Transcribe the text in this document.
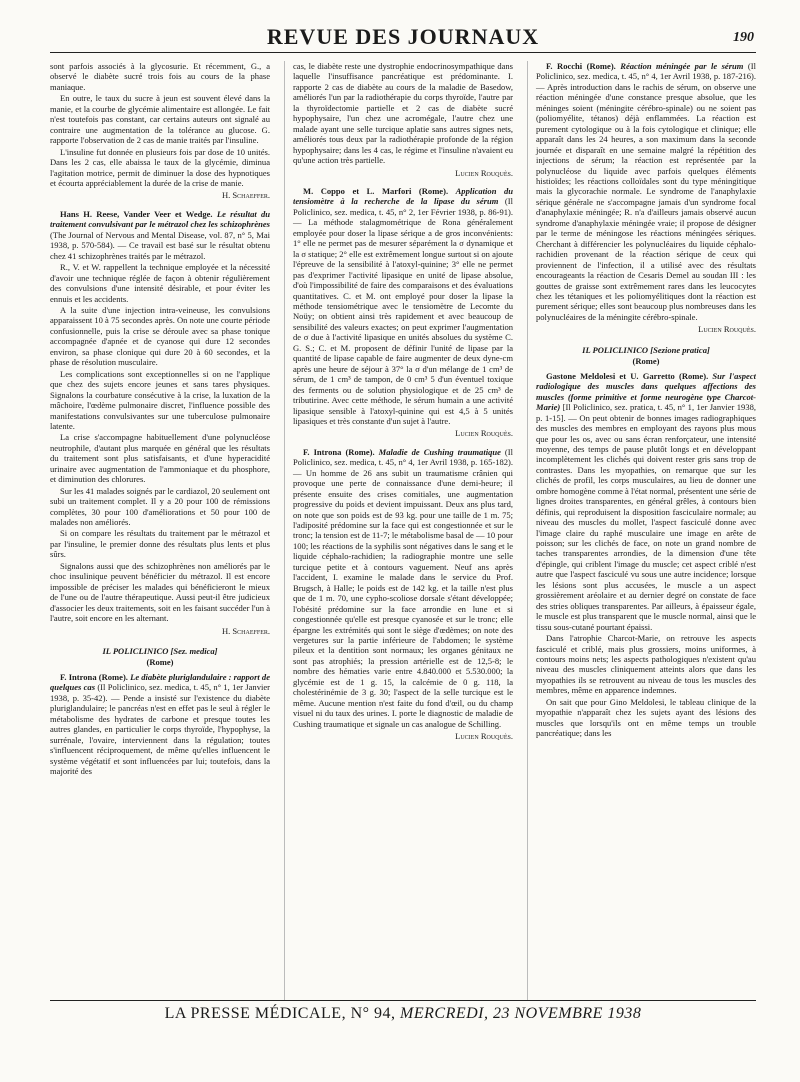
REVUE DES JOURNAUX	190

sont parfois associés à la glycosurie. Et récemment, G., a observé le diabète sucré trois fois au cours de la phase maniaque.

En outre, le taux du sucre à jeun est souvent élevé dans la manie, et la courbe de glycémie alimentaire est allongée. Le fait n'est toutefois pas constant, car certains auteurs ont signalé au contraire une augmentation de la tolérance au glucose. G. rapporte l'observation de 2 cas de manie traités par l'insuline.

L'insuline fut donnée en plusieurs fois par dose de 10 unités. Dans les 2 cas, elle abaissa le taux de la glycémie, diminua l'agitation motrice, permit de diminuer la dose des hypnotiques et écourta appréciablement la durée de la crise de manie.

H. Schaeffer.

Hans H. Reese, Vander Veer et Wedge. Le résultat du traitement convulsivant par le métrazol chez les schizophrènes (The Journal of Nervous and Mental Disease, vol. 87, n° 5, Mai 1938, p. 570-584). — Ce travail est basé sur le résultat obtenu chez 41 schizophrènes traités par le métrazol.

R., V. et W. rappellent la technique employée et la nécessité d'avoir une technique réglée de façon à obtenir régulièrement des convulsions d'une intensité désirable, et pour éviter les ennuis et les accidents.

A la suite d'une injection intra-veineuse, les convulsions apparaissent 10 à 75 secondes après. On note une courte période confusionnelle, puis la crise se déroule avec sa phase tonique accompagnée d'apnée et de cyanose qui dure 12 secondes environ, sa phase clonique qui dure 20 à 60 secondes, et la phase de résolution musculaire.

Les complications sont exceptionnelles si on ne l'applique que chez des sujets encore jeunes et sans tares physiques. Signalons la courbature consécutive à la crise, la luxation de la mâchoire, l'œdème pulmonaire discret, l'influence possible des manifestations convulsivantes sur une tuberculose pulmonaire latente.

La crise s'accompagne habituellement d'une polynucléose neutrophile, d'autant plus marquée en général que les résultats du traitement sont plus satisfaisants, et d'une hyperacidité urinaire avec augmentation de l'ammoniaque et du phosphore, et diminution des chlorures.

Sur les 41 malades soignés par le cardiazol, 20 seulement ont subi un traitement complet. Il y a 20 pour 100 de rémissions complètes, 30 pour 100 d'améliorations et 50 pour 100 de malades non améliorés.

Si on compare les résultats du traitement par le métrazol et par l'insuline, le premier donne des résultats plus lents et plus sûrs.

Signalons aussi que des schizophrènes non améliorés par le choc insulinique peuvent bénéficier du métrazol. Il est encore impossible de préciser les malades qui bénéficieront le mieux de l'une ou de l'autre thérapeutique. Aussi peut-il être judicieux d'associer les deux traitements, soit en les faisant succéder l'un à l'autre, soit encore en les alternant.

H. Schaeffer.
IL POLICLINICO [Sez. medica]
(Rome)

F. Introna (Rome). Le diabète pluriglandulaire : rapport de quelques cas (Il Policlinico, sez. medica, t. 45, n° 1, 1er Janvier 1938, p. 35-42). — Pende a insisté sur l'existence du diabète pluriglandulaire; le pancréas n'est en effet pas le seul à régler le métabolisme des hydrates de carbone et presque toutes les autres glandes, en particulier le corps thyroïde, l'hypophyse, la surrénale, l'ovaire, interviennent dans la régulation; toutes s'influencent réciproquement, de même qu'elles influencent le système végétatif et sont influencées par lui; toutefois, dans la majorité des

cas, le diabète reste une dystrophie endocrinosympathique dans laquelle l'insuffisance pancréatique est prédominante. I. rapporte 2 cas de diabète au cours de la maladie de Basedow, améliorés l'un par la radiothérapie du corps thyroïde, l'autre par la thyroïdectomie partielle et 2 cas de diabète sucré hypophysaire, l'un chez une acromégale, l'autre chez une malade ayant une selle turcique aplatie sans autres signes nets, améliorés tous deux par la radiothérapie profonde de la région hypophysaire; dans les 4 cas, le régime et l'insuline n'avaient eu qu'une action très partielle.

Lucien Rouquès.

M. Coppo et L. Marfori (Rome). Application du tensiomètre à la recherche de la lipase du sérum (Il Policlinico, sez. medica, t. 45, n° 2, 1er Février 1938, p. 86-91). — La méthode stalagmométrique de Rona généralement employée pour doser la lipase sérique a de gros inconvénients: 1° elle ne permet pas de mesurer séparément la σ dynamique et la σ statique; 2° elle est extrêmement longue surtout si on ajoute l'épreuve de la sensibilité à l'atoxyl-quinine; 3° elle ne permet pas d'exprimer l'activité lipasique en unité de lipase absolue, d'où l'impossibilité de faire des comparaisons et des évaluations quantitatives. C. et M. ont employé pour doser la lipase la méthode tensiométrique avec le tensiomètre de Lecomte du Noüy; on obtient ainsi très rapidement et avec beaucoup de sensibilité des valeurs exactes; on peut exprimer l'augmentation de σ due à l'activité lipasique en unités absolues du système C. G. S.; C. et M. proposent de définir l'unité de lipase par la quantité de lipase capable de faire augmenter de deux dyne-cm après une heure de séjour à 37° la σ d'un mélange de 1 cm³ de sérum, de 1 cm³ de tampon, de 0 cm³ 5 d'un éventuel toxique des ferments ou de solution physiologique et de 25 cm³ de tributirine. Avec cette méthode, le sérum humain a une activité lipasique sensible à l'atoxyl-quinine qui est 4,5 à 5 unités lipasiques et très constante d'un sujet à l'autre.

Lucien Rouquès.

F. Introna (Rome). Maladie de Cushing traumatique (Il Policlinico, sez. medica, t. 45, n° 4, 1er Avril 1938, p. 165-182). — Un homme de 26 ans subit un traumatisme crânien qui provoque une perte de connaissance d'une demi-heure; il présente ensuite des crises comitiales, une augmentation progressive du poids et devient impuissant. Deux ans plus tard, on note que son poids est de 93 kg. pour une taille de 1 m. 75; l'adiposité prédomine sur la face qui est congestionnée et sur le tronc; la tension est de 11-7; le métabolisme basal de — 10 pour 100; les réactions de la syphilis sont négatives dans le sang et le liquide céphalo-rachidien; la radiographie montre une selle turcique petite et à contours vaguement. Neuf ans après l'accident, I. examine le malade dans le service du Prof. Brugsch, à Halle; le poids est de 142 kg. et la taille n'est plus que de 1 m. 70, une cypho-scoliose dorsale s'étant développée; l'obésité prédomine sur la face arrondie en lune et si congestionnée qu'elle est presque cyanosée et sur le tronc; elle épargne les extrémités qui sont le siège d'œdèmes; on note des vergetures sur la partie inférieure de l'abdomen; le système pileux et la dentition sont normaux; les organes génitaux ne sont pas atrophiés; la pression artérielle est de 12,5-8; le nombre des hématies varie entre 4.840.000 et 5.530.000; la glycémie est de 1 g. 15, la calcémie de 0 g. 118, la cholestérinémie de 3 g. 30; l'aspect de la selle turcique est le même. Aucune mention n'est faite du fond d'œil, ou du champ visuel ni du taux des urines. I. porte le diagnostic de maladie de Cushing traumatique et signale un cas analogue de Schilling.

Lucien Rouquès.

F. Rocchi (Rome). Réaction méningée par le sérum (Il Policlinico, sez. medica, t. 45, n° 4, 1er Avril 1938, p. 187-216). — Après introduction dans le rachis de sérum, on observe une réaction méningée d'une constance presque absolue, que les méninges soient (méningite cérébro-spinale) ou ne soient pas (poliomyélite, tétanos) déjà enflammées. La réaction est purement cytologique ou à la fois cytologique et clinique; elle apparaît dans les 24 heures, a son maximum dans la seconde journée et disparaît en une semaine malgré la répétition des injections de sérum; la réaction est représentée par la polynucléose du liquide avec parfois quelques éléments histioïdes; les réactions colloïdales sont du type méningitique mais la glycorachie normale. Le syndrome de l'anaphylaxie sérique générale ne s'accompagne jamais d'un syndrome focal d'anaphylaxie méningée; R. n'a d'ailleurs jamais observé aucun syndrome d'anaphylaxie méningée vraie; il propose de désigner par le terme de méningose les réactions méningées sériques. Cherchant à différencier les polynucléaires du liquide céphalo-rachidien provenant de la réaction sérique de ceux qui proviennent de l'infection, il a utilisé avec des résultats encourageants la réaction de Cesaris Demel au soudan III : les gouttes de graisse sont extrêmement rares dans les leucocytes chez les tétaniques et les poliomyélitiques dont la réaction est purement sérique; elles sont beaucoup plus nombreuses dans les polynucléaires de la méningite cérébro-spinale.

Lucien Rouquès.
IL POLICLINICO [Sezione pratica]
(Rome)

Gastone Meldolesi et U. Garretto (Rome). Sur l'aspect radiologique des muscles dans quelques affections des muscles (forme primitive et forme neurogène type Charcot-Marie) [Il Policlinico, sez. pratica, t. 45, n° 1, 1er Janvier 1938, p. 1-15]. — On peut obtenir de bonnes images radiographiques des muscles des membres en employant des rayons plus mous que pour les os, avec ou sans écran renforçateur, une intensité moyenne, des temps de pause plutôt longs et en développant incomplètement les clichés qui doivent rester gris sans trop de contrastes. Dans les myopathies, on remarque que sur les clichés de profil, les corps musculaires, au lieu de donner une ombre homogène comme à l'état normal, présentent une série de lignes droites transparentes, en général grêles, à contours bien définis, qui reproduisent la disposition fasciculaire normale; au niveau des muscles du mollet, l'aspect fasciculé donne avec l'image claire du raphé musculaire une image en arête de poisson; sur les clichés de face, on note un grand nombre de taches transparentes arrondies, de la dimension d'une tête d'épingle, qui criblent l'image du muscle; cet aspect criblé n'est autre que l'aspect fasciculé vu sous une autre incidence; lorsque les lésions sont plus accusées, le muscle a un aspect grossièrement aréolaire et au dernier degré on constate de face des stries obliques transparentes. Par ailleurs, à épaisseur égale, le muscle est plus transparent que le muscle normal, ainsi que le tissu sous-cutané pourtant épaissi.

Dans l'atrophie Charcot-Marie, on retrouve les aspects fasciculé et criblé, mais plus grossiers, moins uniformes, à contours moins nets; les aspects pathologiques n'existent qu'au niveau des muscles cliniquement atteints alors que dans les myopathies ils se retrouvent au niveau de tous les muscles des membres, même en apparence indemnes.

On sait que pour Gino Meldolesi, le tableau clinique de la myopathie n'apparaît chez les sujets ayant des lésions des muscles que lorsqu'ils ont en même temps un trouble pancréatique; dans les

LA PRESSE MÉDICALE, N° 94, MERCREDI, 23 NOVEMBRE 1938
